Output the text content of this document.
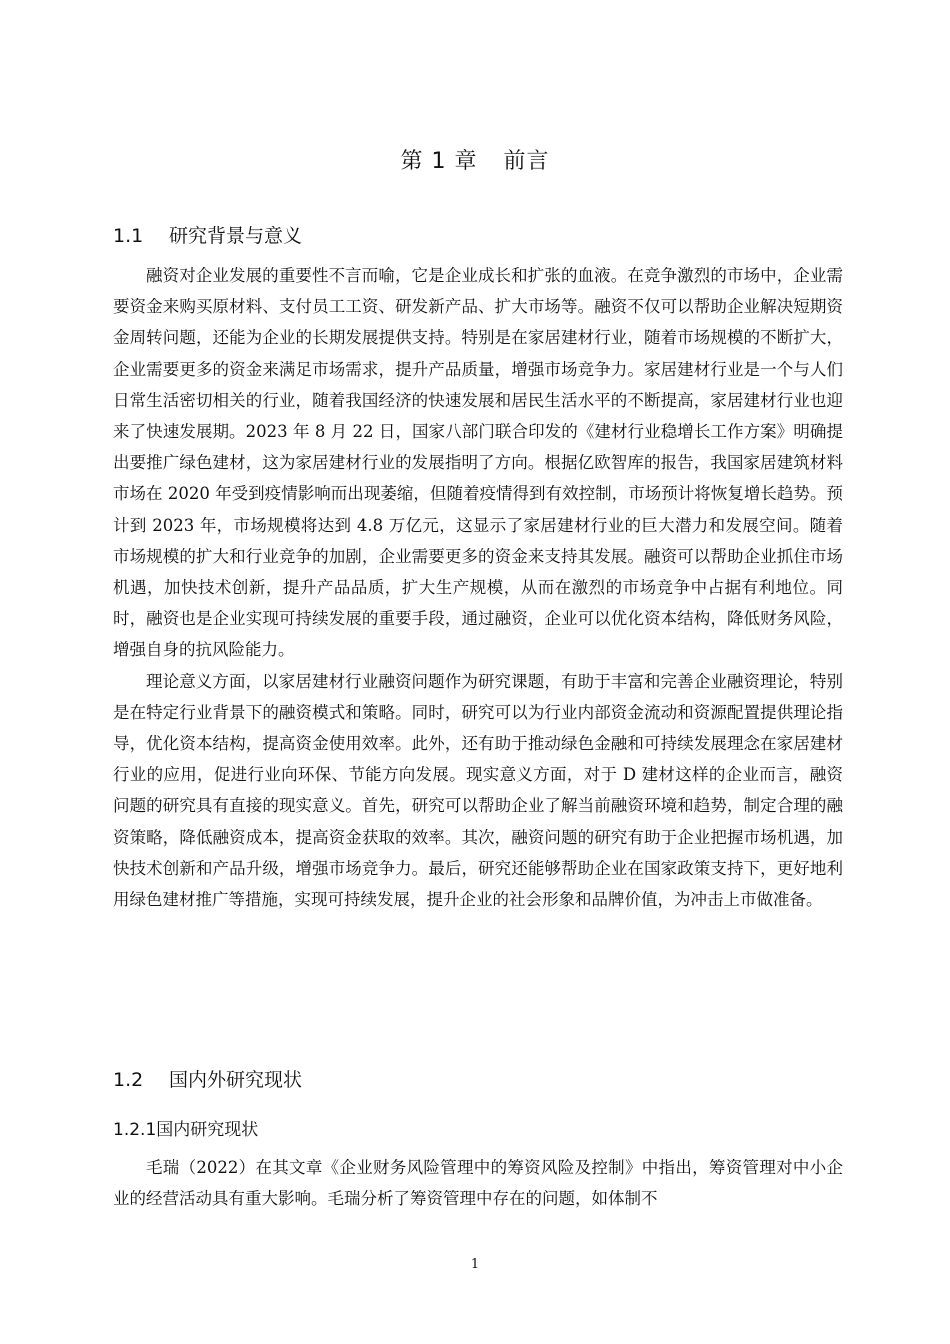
第 1 章 前言
1.1 研究背景与意义

融资对企业发展的重要性不言而喻，它是企业成长和扩张的血液。在竞争激烈的市场中，企业需要资金来购买原材料、支付员工工资、研发新产品、扩大市场等。融资不仅可以帮助企业解决短期资金周转问题，还能为企业的长期发展提供支持。特别是在家居建材行业，随着市场规模的不断扩大，企业需要更多的资金来满足市场需求，提升产品质量，增强市场竞争力。家居建材行业是一个与人们日常生活密切相关的行业，随着我国经济的快速发展和居民生活水平的不断提高，家居建材行业也迎来了快速发展期。2023 年 8 月 22 日，国家八部门联合印发的《建材行业稳增长工作方案》明确提出要推广绿色建材，这为家居建材行业的发展指明了方向。根据亿欧智库的报告，我国家居建筑材料市场在 2020 年受到疫情影响而出现萎缩，但随着疫情得到有效控制，市场预计将恢复增长趋势。预计到 2023 年，市场规模将达到 4.8 万亿元，这显示了家居建材行业的巨大潜力和发展空间。随着市场规模的扩大和行业竞争的加剧，企业需要更多的资金来支持其发展。融资可以帮助企业抓住市场机遇，加快技术创新，提升产品品质，扩大生产规模，从而在激烈的市场竞争中占据有利地位。同时，融资也是企业实现可持续发展的重要手段，通过融资，企业可以优化资本结构，降低财务风险，增强自身的抗风险能力。

理论意义方面，以家居建材行业融资问题作为研究课题，有助于丰富和完善企业融资理论，特别是在特定行业背景下的融资模式和策略。同时，研究可以为行业内部资金流动和资源配置提供理论指导，优化资本结构，提高资金使用效率。此外，还有助于推动绿色金融和可持续发展理念在家居建材行业的应用，促进行业向环保、节能方向发展。现实意义方面，对于 D 建材这样的企业而言，融资问题的研究具有直接的现实意义。首先，研究可以帮助企业了解当前融资环境和趋势，制定合理的融资策略，降低融资成本，提高资金获取的效率。其次，融资问题的研究有助于企业把握市场机遇，加快技术创新和产品升级，增强市场竞争力。最后，研究还能够帮助企业在国家政策支持下，更好地利用绿色建材推广等措施，实现可持续发展，提升企业的社会形象和品牌价值，为冲击上市做准备。

1.2 国内外研究现状
1.2.1国内研究现状

毛瑞（2022）在其文章《企业财务风险管理中的筹资风险及控制》中指出，筹资管理对中小企业的经营活动具有重大影响。毛瑞分析了筹资管理中存在的问题，如体制不

1
